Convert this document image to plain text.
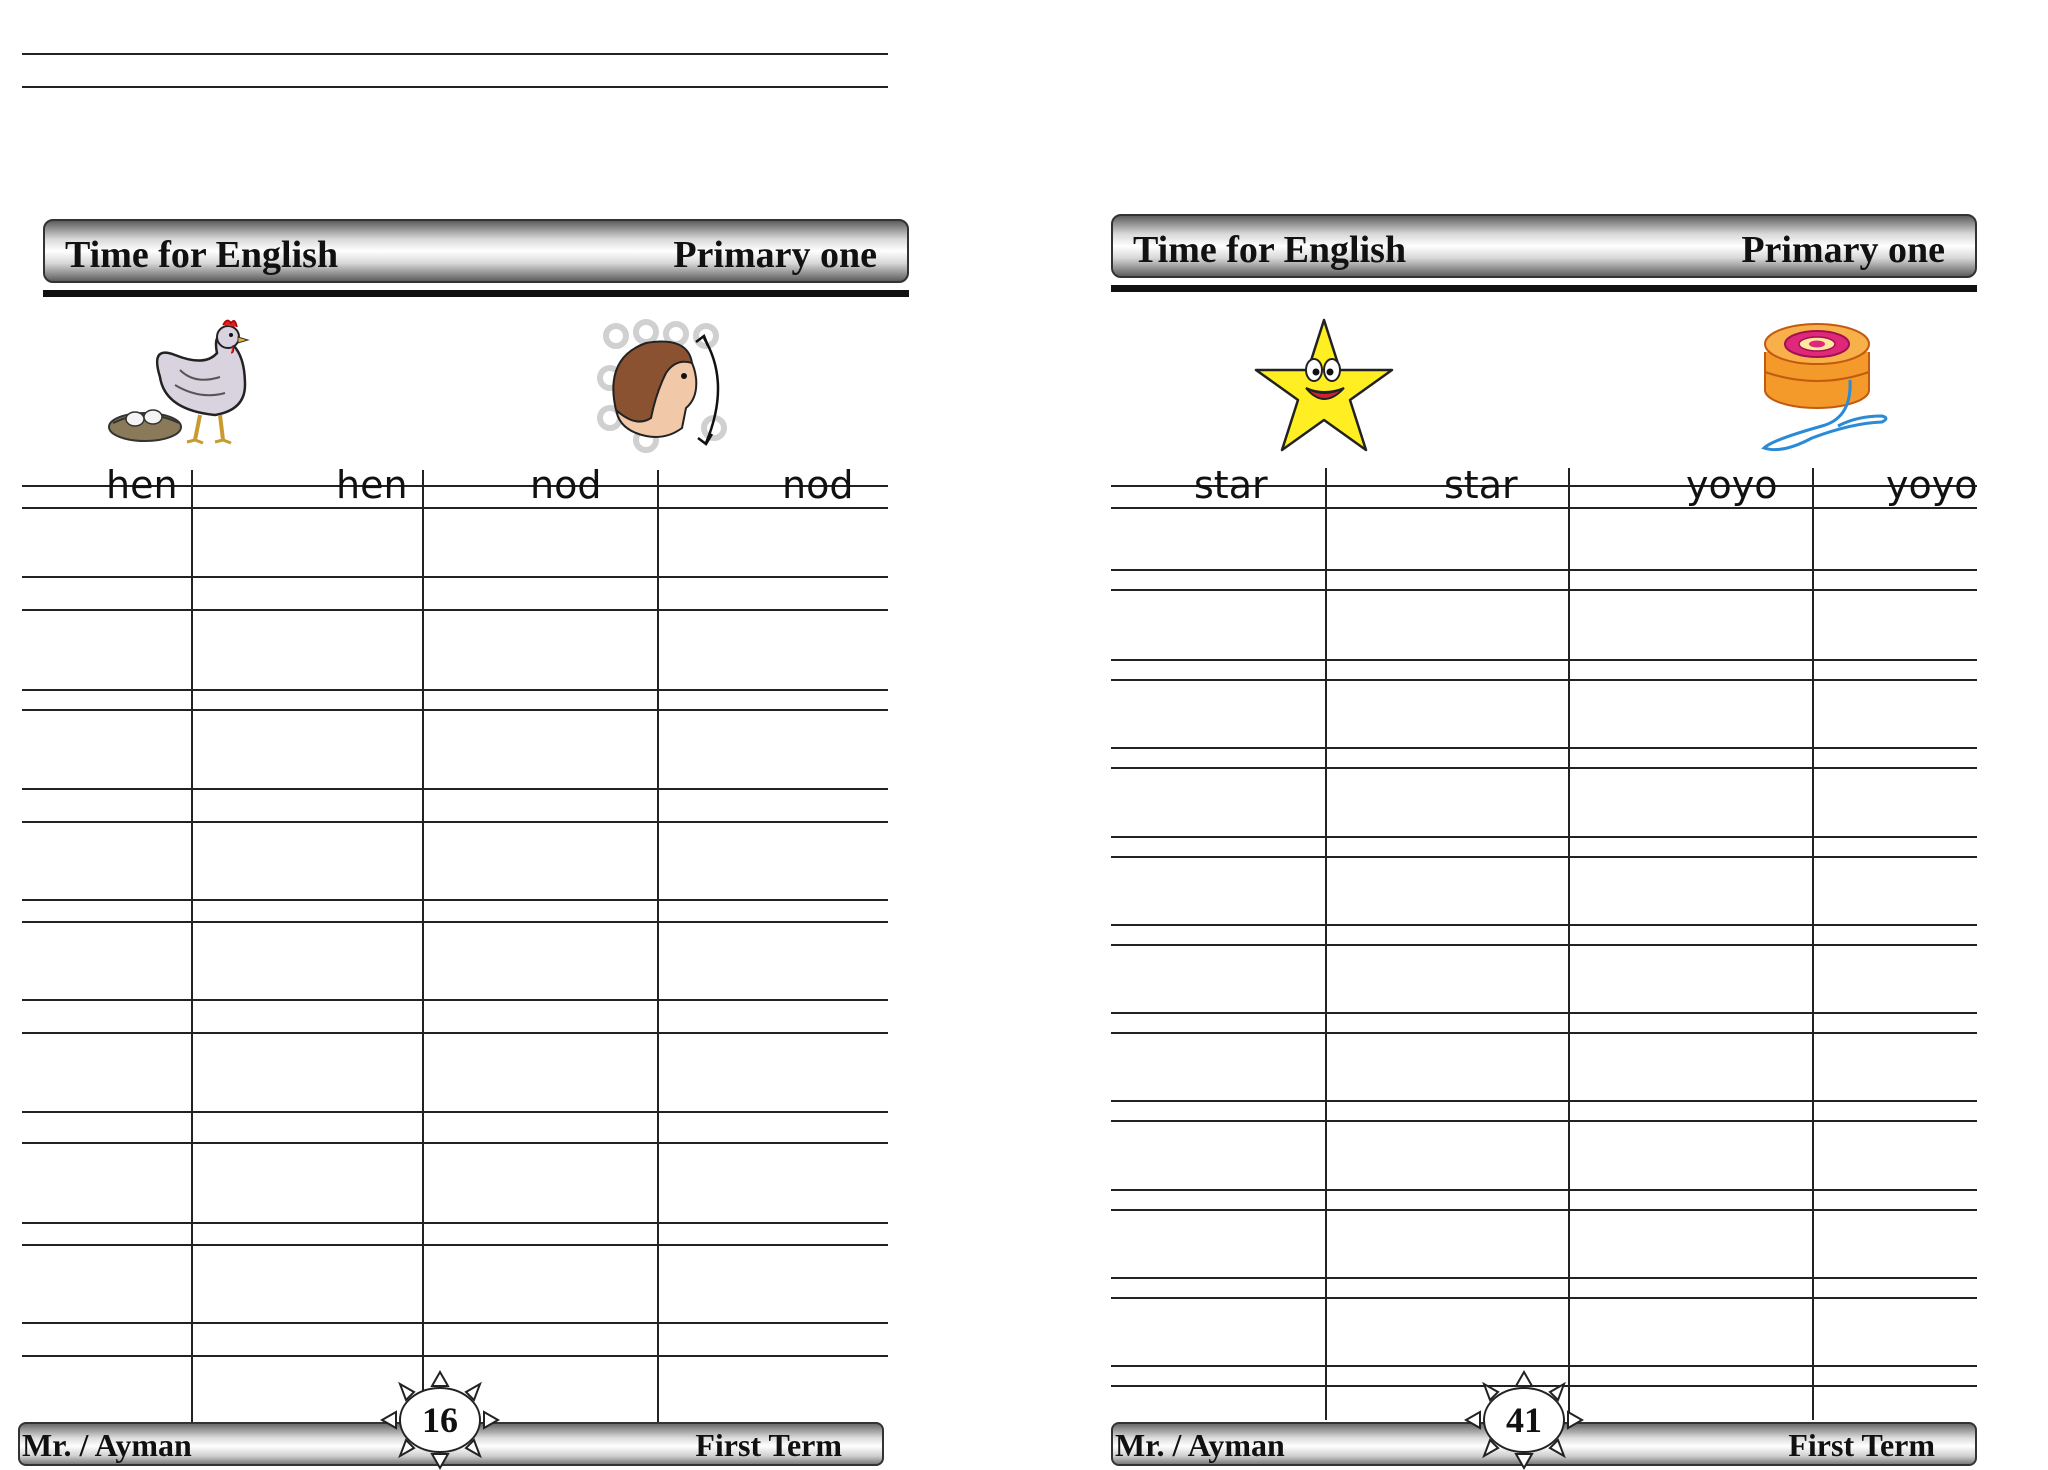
Time for English	Primary one
hen	hen	nod	nod
Mr. / Ayman	First Term
16
Time for English	Primary one
star	star	yoyo	yoyo
Mr. / Ayman	First Term
41
